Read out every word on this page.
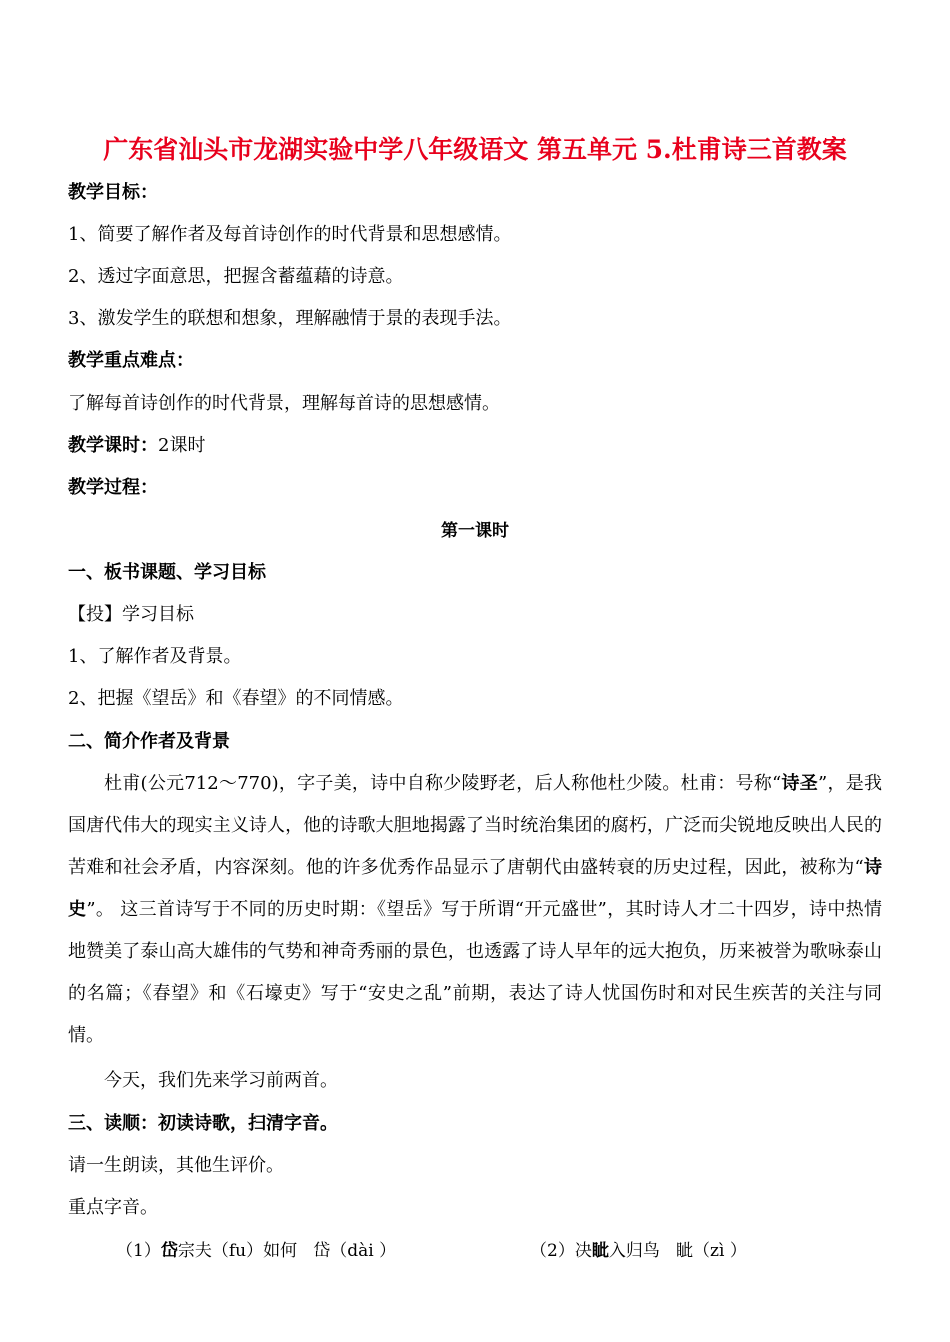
广东省汕头市龙湖实验中学八年级语文 第五单元 5.杜甫诗三首教案
教学目标：
1、简要了解作者及每首诗创作的时代背景和思想感情。
2、透过字面意思，把握含蓄蕴藉的诗意。
3、激发学生的联想和想象，理解融情于景的表现手法。
教学重点难点：
了解每首诗创作的时代背景，理解每首诗的思想感情。
教学课时：2课时
教学过程：
第一课时
一、板书课题、学习目标
【投】学习目标
1、了解作者及背景。
2、把握《望岳》和《春望》的不同情感。
二、简介作者及背景
杜甫(公元712～770)，字子美，诗中自称少陵野老，后人称他杜少陵。杜甫：号称“诗圣”，是我国唐代伟大的现实主义诗人，他的诗歌大胆地揭露了当时统治集团的腐朽，广泛而尖锐地反映出人民的苦难和社会矛盾，内容深刻。他的许多优秀作品显示了唐朝代由盛转衰的历史过程，因此，被称为“诗史”。 这三首诗写于不同的历史时期：《望岳》写于所谓“开元盛世”，其时诗人才二十四岁，诗中热情地赞美了泰山高大雄伟的气势和神奇秀丽的景色，也透露了诗人早年的远大抱负，历来被誉为歌咏泰山的名篇；《春望》和《石壕吏》写于“安史之乱”前期，表达了诗人忧国伤时和对民生疾苦的关注与同情。
今天，我们先来学习前两首。
三、读顺：初读诗歌，扫清字音。
请一生朗读，其他生评价。
重点字音。
（1）岱宗夫（fu）如何   岱（dài ）	（2）决眦入归鸟   眦（zì ）
